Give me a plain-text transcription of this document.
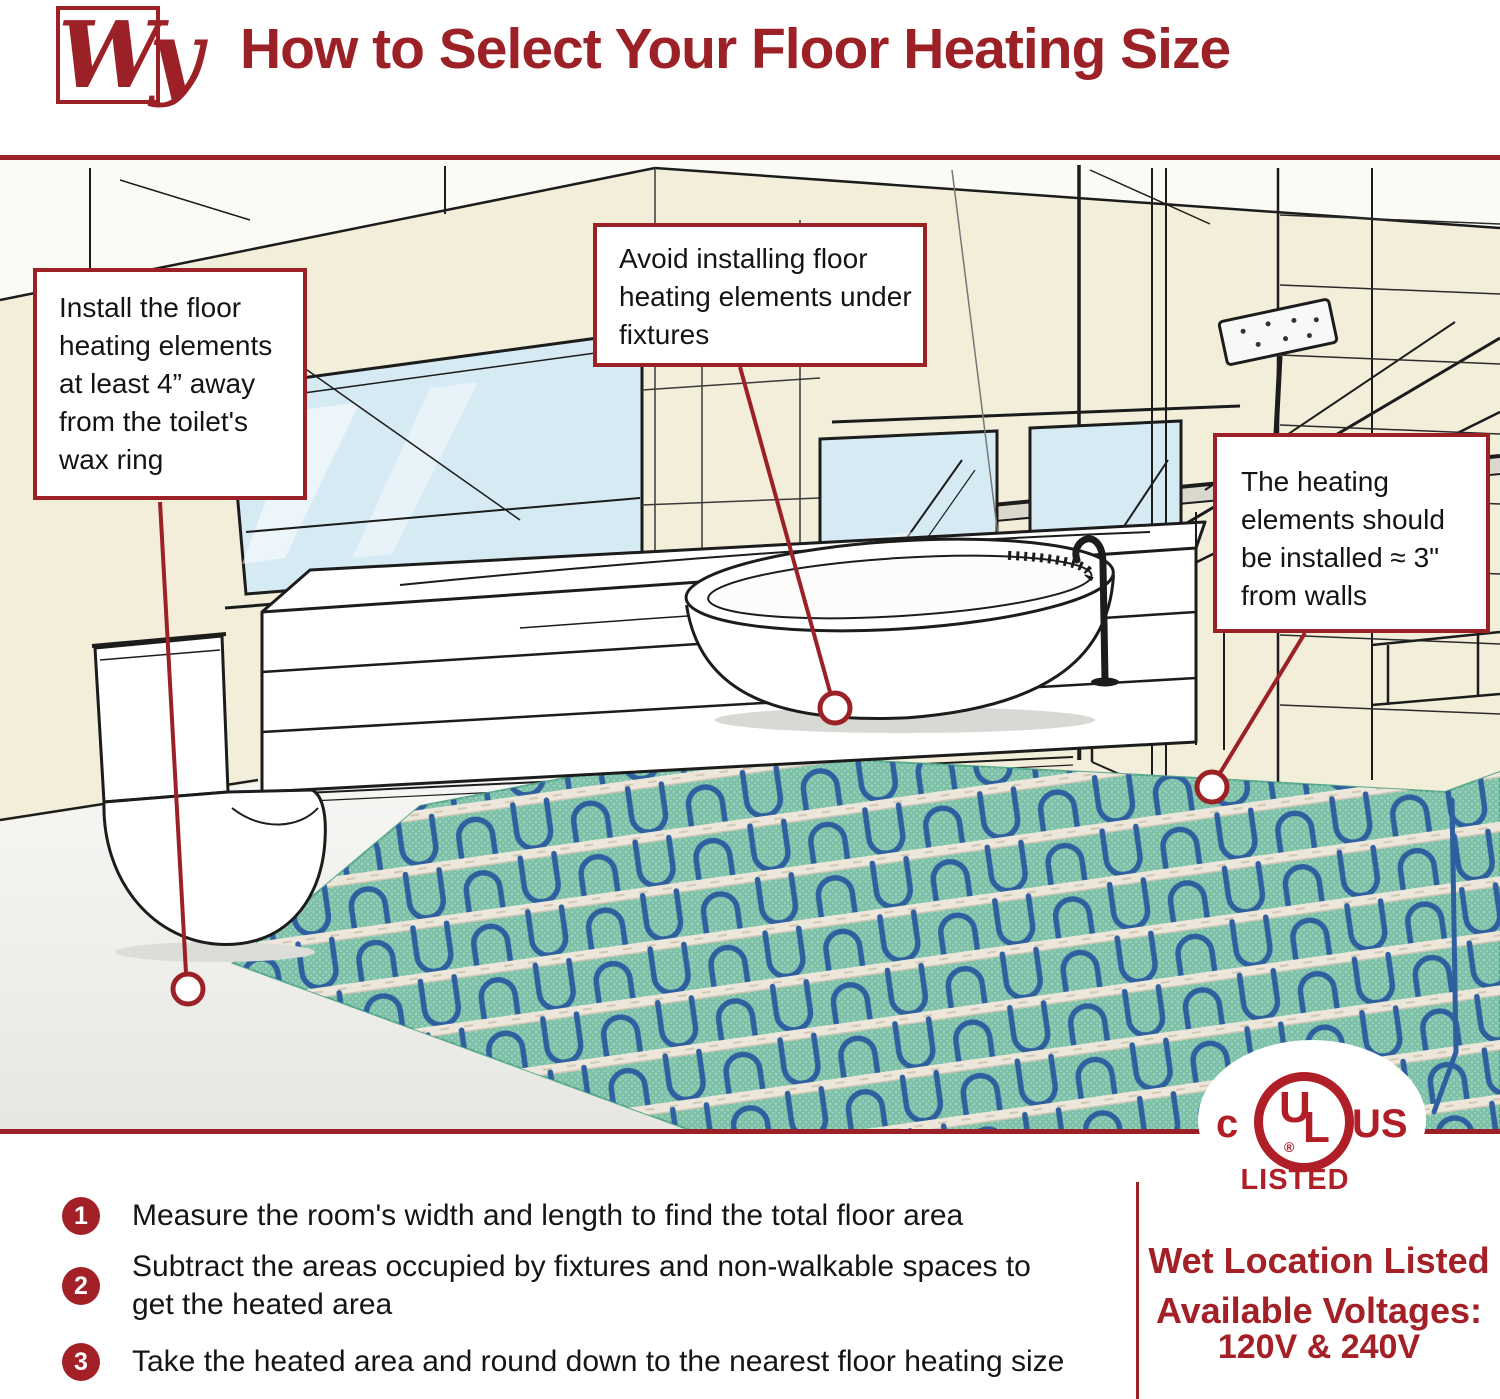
Wy How to Select Your Floor Heating Size
Install the floor heating elements at least 4” away from the toilet's wax ring
Avoid installing floor heating elements under fixtures
The heating elements should be installed ≈ 3" from walls
U
L
®
c	US
LISTED
1	Measure the room's width and length to find the total floor area
2
Subtract the areas occupied by fixtures and non-walkable spaces to get the heated area
3	Take the heated area and round down to the nearest floor heating size
Wet Location Listed
Available Voltages:
120V & 240V
